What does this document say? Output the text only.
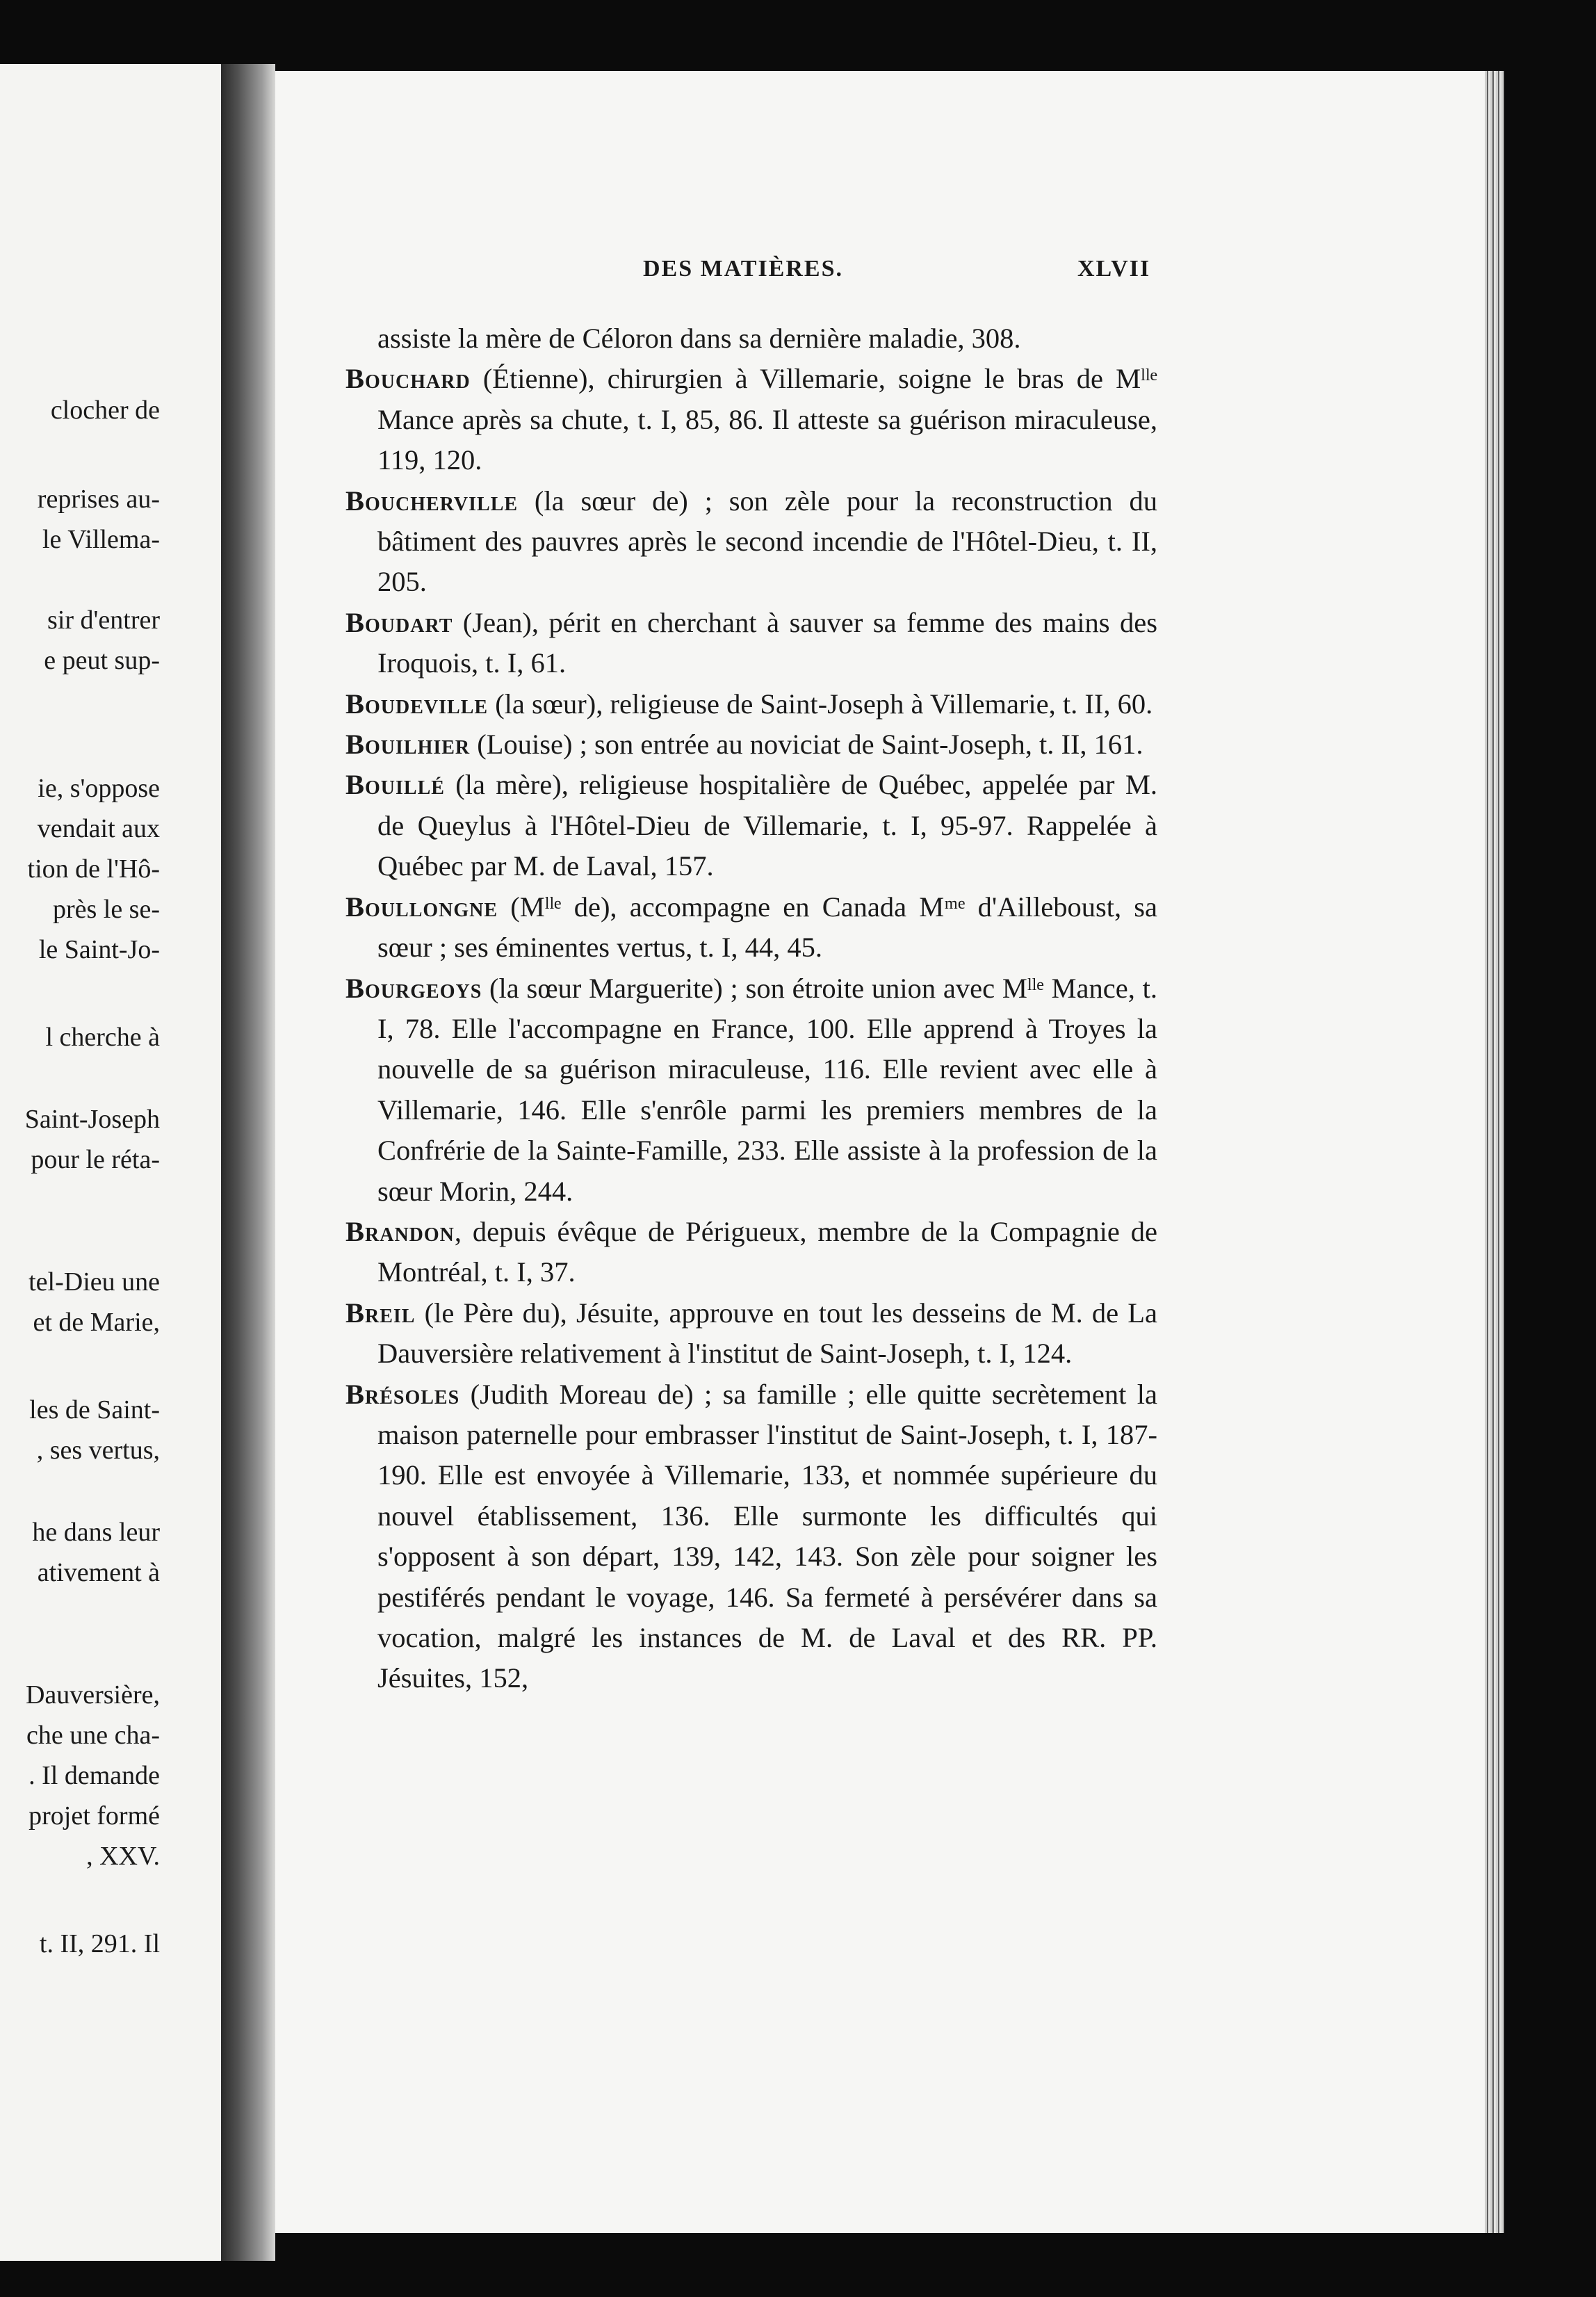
clocher de
reprises au-
le Villema-
sir d'entrer
e peut sup-
ie, s'oppose
vendait aux
tion de l'Hô-
près le se-
le Saint-Jo-
l cherche à
Saint-Joseph
pour le réta-
tel-Dieu une
et de Marie,
les de Saint-
, ses vertus,
he dans leur
ativement à
Dauversière,
che une cha-
. Il demande
projet formé
, XXV.
t. II, 291. Il
DES MATIÈRES.	XLVII

assiste la mère de Céloron dans sa dernière maladie, 308.

Bouchard (Étienne), chirurgien à Villemarie, soigne le bras de Mˡˡᵉ Mance après sa chute, t. I, 85, 86. Il atteste sa guérison miraculeuse, 119, 120.

Boucherville (la sœur de) ; son zèle pour la reconstruction du bâtiment des pauvres après le second incendie de l'Hôtel-Dieu, t. II, 205.

Boudart (Jean), périt en cherchant à sauver sa femme des mains des Iroquois, t. I, 61.

Boudeville (la sœur), religieuse de Saint-Joseph à Villemarie, t. II, 60.

Bouilhier (Louise) ; son entrée au noviciat de Saint-Joseph, t. II, 161.

Bouillé (la mère), religieuse hospitalière de Québec, appelée par M. de Queylus à l'Hôtel-Dieu de Villemarie, t. I, 95-97. Rappelée à Québec par M. de Laval, 157.

Boullongne (Mˡˡᵉ de), accompagne en Canada Mᵐᵉ d'Ailleboust, sa sœur ; ses éminentes vertus, t. I, 44, 45.

Bourgeoys (la sœur Marguerite) ; son étroite union avec Mˡˡᵉ Mance, t. I, 78. Elle l'accompagne en France, 100. Elle apprend à Troyes la nouvelle de sa guérison miraculeuse, 116. Elle revient avec elle à Villemarie, 146. Elle s'enrôle parmi les premiers membres de la Confrérie de la Sainte-Famille, 233. Elle assiste à la profession de la sœur Morin, 244.

Brandon, depuis évêque de Périgueux, membre de la Compagnie de Montréal, t. I, 37.

Breil (le Père du), Jésuite, approuve en tout les desseins de M. de La Dauversière relativement à l'institut de Saint-Joseph, t. I, 124.

Brésoles (Judith Moreau de) ; sa famille ; elle quitte secrètement la maison paternelle pour embrasser l'institut de Saint-Joseph, t. I, 187-190. Elle est envoyée à Villemarie, 133, et nommée supérieure du nouvel établissement, 136. Elle surmonte les difficultés qui s'opposent à son départ, 139, 142, 143. Son zèle pour soigner les pestiférés pendant le voyage, 146. Sa fermeté à persévérer dans sa vocation, malgré les instances de M. de Laval et des RR. PP. Jésuites, 152,
